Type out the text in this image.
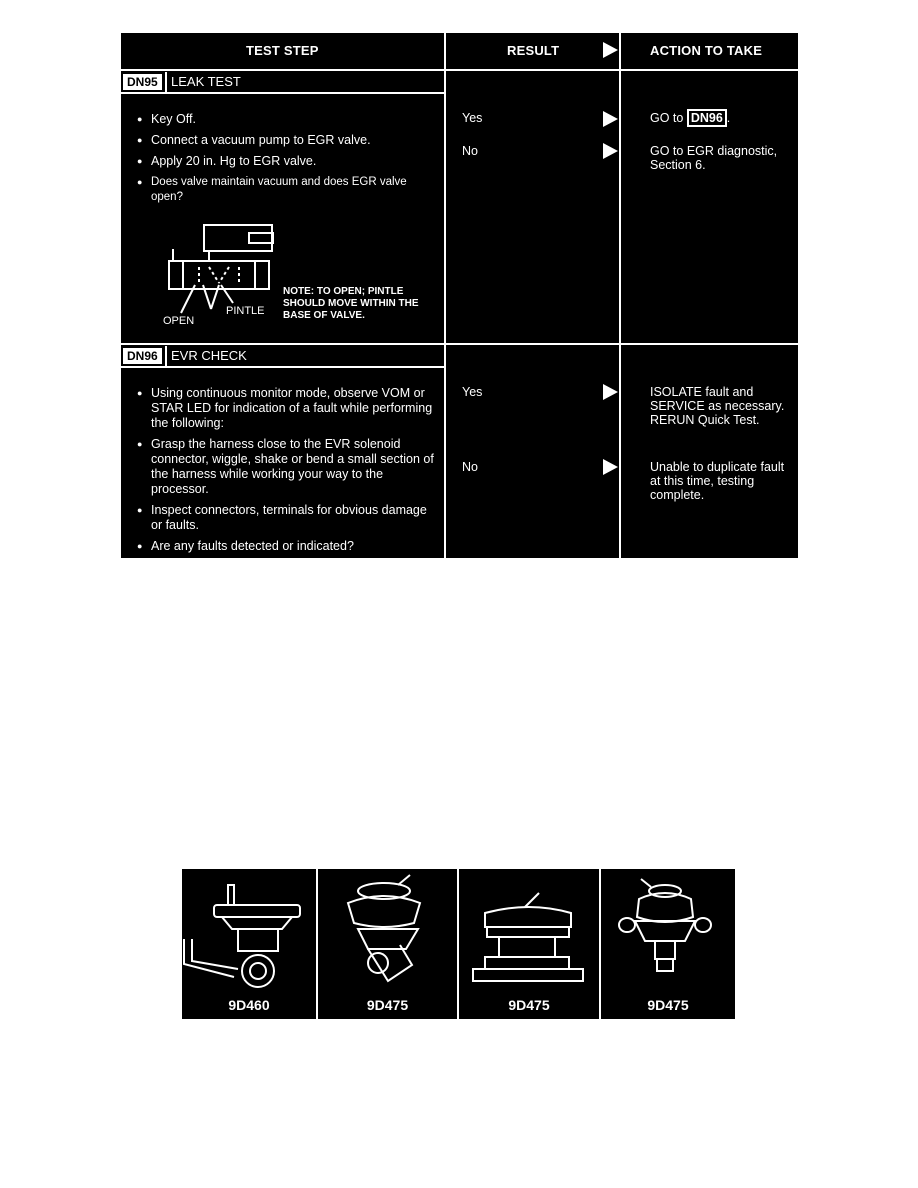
TEST STEP	RESULT	ACTION TO TAKE
DN95	LEAK TEST
● Key Off.
● Connect a vacuum pump to EGR valve.
● Apply 20 in. Hg to EGR valve.
● Does valve maintain vacuum and does EGR valve open?
OPEN
PINTLE
NOTE: TO OPEN; PINTLE SHOULD MOVE WITHIN THE BASE OF VALVE.
Yes	GO to DN96 .
No	GO to EGR diagnostic, Section 6.
DN96	EVR CHECK
● Using continuous monitor mode, observe VOM or STAR LED for indication of a fault while performing the following:
● Grasp the harness close to the EVR solenoid connector, wiggle, shake or bend a small section of the harness while working your way to the processor.
● Inspect connectors, terminals for obvious damage or faults.
● Are any faults detected or indicated?
Yes	ISOLATE fault and SERVICE as necessary. RERUN Quick Test.
No	Unable to duplicate fault at this time, testing complete.
9D460	9D475	9D475	9D475
